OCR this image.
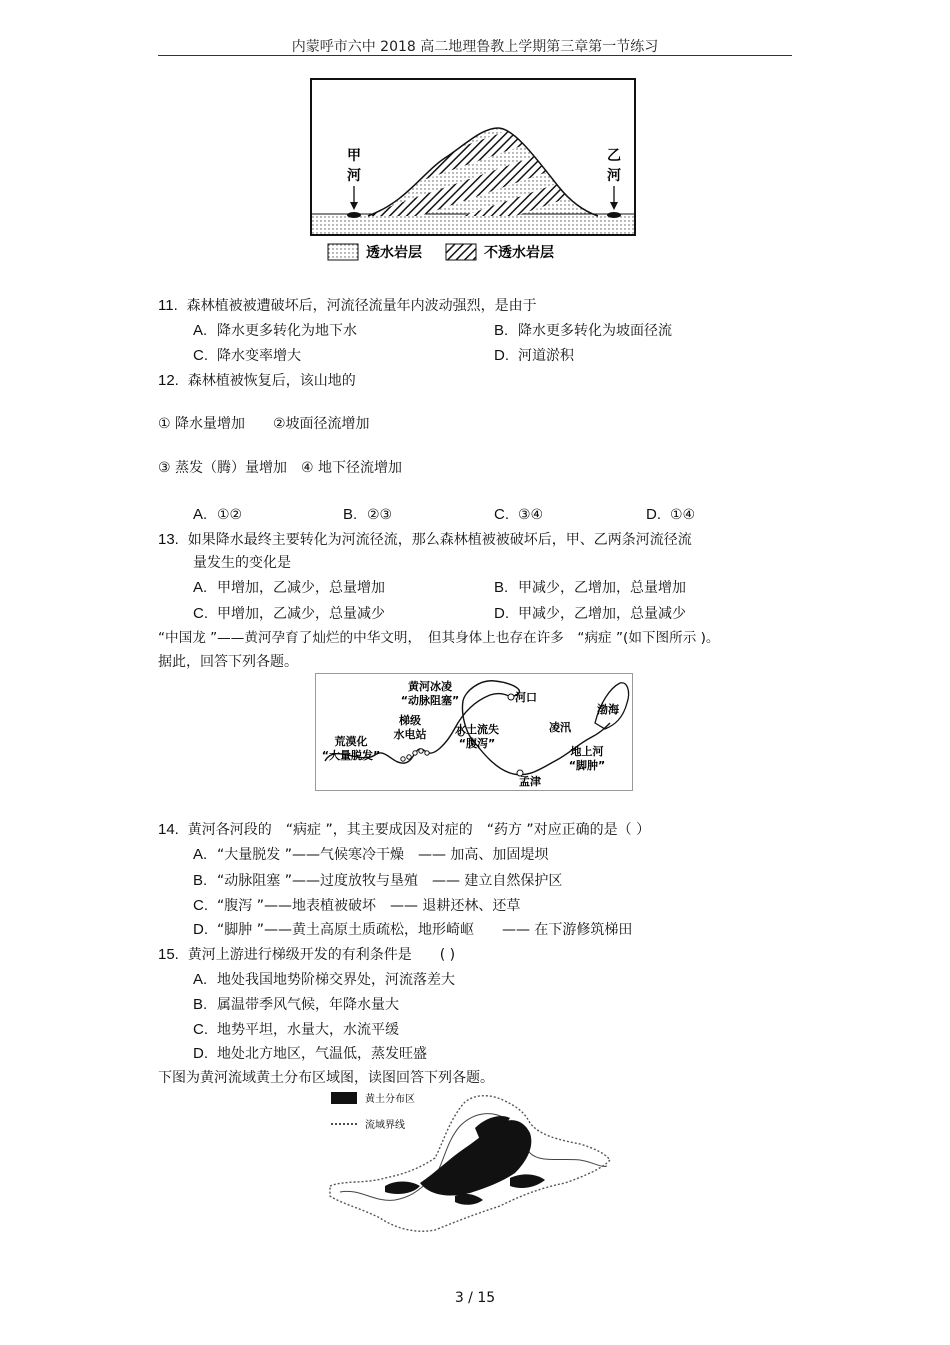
内蒙呼市六中 2018 高二地理鲁教上学期第三章第一节练习
甲
河
乙
河
透水岩层	不透水岩层
11. 森林植被被遭破坏后，河流径流量年内波动强烈，是由于
A. 降水更多转化为地下水	B. 降水更多转化为坡面径流
C. 降水变率增大	D. 河道淤积
12. 森林植被恢复后，该山地的
① 降水量增加　　②坡面径流增加
③ 蒸发（腾）量增加　④ 地下径流增加
A. ①②	B. ②③	C. ③④	D. ①④
13. 如果降水最终主要转化为河流径流，那么森林植被被破坏后，甲、乙两条河流径流
量发生的变化是
A. 甲增加，乙减少，总量增加	B. 甲减少，乙增加，总量增加
C. 甲增加，乙减少，总量减少	D. 甲减少，乙增加，总量减少
“中国龙 ”——黄河孕育了灿烂的中华文明，　但其身体上也存在许多　“病症 ”(如下图所示 )。
据此，回答下列各题。
黄河冰凌
“动脉阻塞”	河口
渤海
凌汛
梯级
水电站	水土流失
“腹泻”
荒漠化
“大量脱发”	地上河
“脚肿”
孟津
14. 黄河各河段的　“病症 ”，其主要成因及对症的　“药方 ”对应正确的是（ ）
A. “大量脱发 ”——气候寒冷干燥　—— 加高、加固堤坝
B. “动脉阻塞 ”——过度放牧与垦殖　—— 建立自然保护区
C. “腹泻 ”——地表植被破坏　—— 退耕还林、还草
D. “脚肿 ”——黄土高原土质疏松，地形崎岖　　—— 在下游修筑梯田
15. 黄河上游进行梯级开发的有利条件是　　( )
A. 地处我国地势阶梯交界处，河流落差大
B. 属温带季风气候，年降水量大
C. 地势平坦，水量大，水流平缓
D. 地处北方地区，气温低，蒸发旺盛
下图为黄河流域黄土分布区域图，读图回答下列各题。
黄土分布区
流域界线
3 / 15
